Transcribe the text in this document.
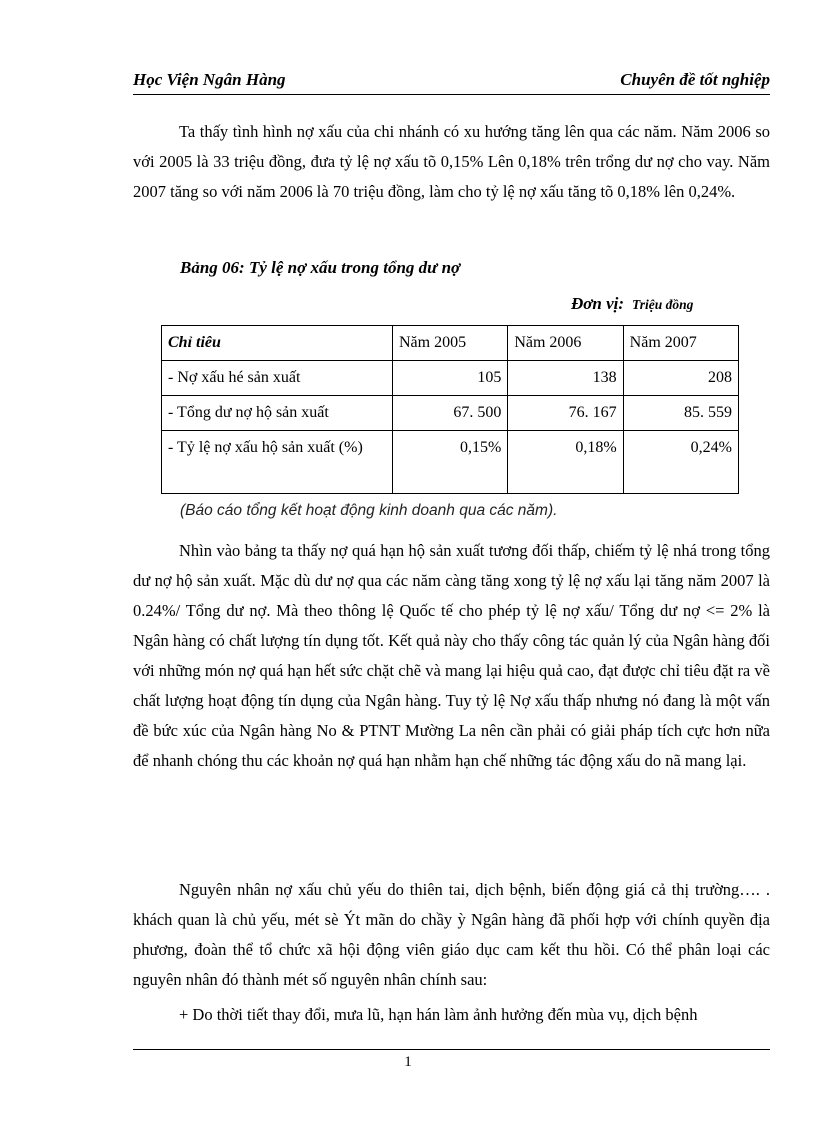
Học Viện Ngân Hàng	Chuyên đề tốt nghiệp

Ta thấy tình hình nợ xấu của chi nhánh có xu hướng tăng lên qua các năm. Năm 2006 so với 2005 là 33 triệu đồng, đưa tỷ lệ nợ xấu tõ 0,15% Lên 0,18% trên trổng dư nợ cho vay. Năm 2007 tăng so với năm 2006 là 70 triệu đồng, làm cho tỷ lệ nợ xấu tăng tõ 0,18% lên 0,24%.

Bảng 06: Tỷ lệ nợ xấu trong tổng dư nợ
Đơn vị: Triệu đồng
Chỉ tiêu	Năm 2005	Năm 2006	Năm 2007
- Nợ xấu hé sản xuất	105	138	208
- Tổng dư nợ hộ sản xuất	67. 500	76. 167	85. 559
- Tỷ lệ nợ xấu hộ sản xuất (%)	0,15%	0,18%	0,24%
(Báo cáo tổng kết hoạt động kinh doanh qua các năm).

Nhìn vào bảng ta thấy nợ quá hạn hộ sản xuất tương đối thấp, chiếm tỷ lệ nhá trong tổng dư nợ hộ sản xuất. Mặc dù dư nợ qua các năm càng tăng xong tỷ lệ nợ xấu lại tăng năm 2007 là 0.24%/ Tổng dư nợ. Mà theo thông lệ Quốc tế cho phép tỷ lệ nợ xấu/ Tổng dư nợ <= 2% là Ngân hàng có chất lượng tín dụng tốt. Kết quả này cho thấy công tác quản lý của Ngân hàng đối với những món nợ quá hạn hết sức chặt chẽ và mang lại hiệu quả cao, đạt được chỉ tiêu đặt ra về chất lượng hoạt động tín dụng của Ngân hàng. Tuy tỷ lệ Nợ xấu thấp nhưng nó đang là một vấn đề bức xúc của Ngân hàng No & PTNT Mường La nên cần phải có giải pháp tích cực hơn nữa để nhanh chóng thu các khoản nợ quá hạn nhằm hạn chế những tác động xấu do nã mang lại.

Nguyên nhân nợ xấu chủ yếu do thiên tai, dịch bệnh, biến động giá cả thị trường…. . khách quan là chủ yếu, mét sè Ýt mãn do chầy ỳ Ngân hàng đã phối hợp với chính quyền địa phương, đoàn thể tổ chức xã hội động viên giáo dục cam kết thu hồi. Có thể phân loại các nguyên nhân đó thành mét số nguyên nhân chính sau:

+ Do thời tiết thay đổi, mưa lũ, hạn hán làm ảnh hưởng đến mùa vụ, dịch bệnh

1
